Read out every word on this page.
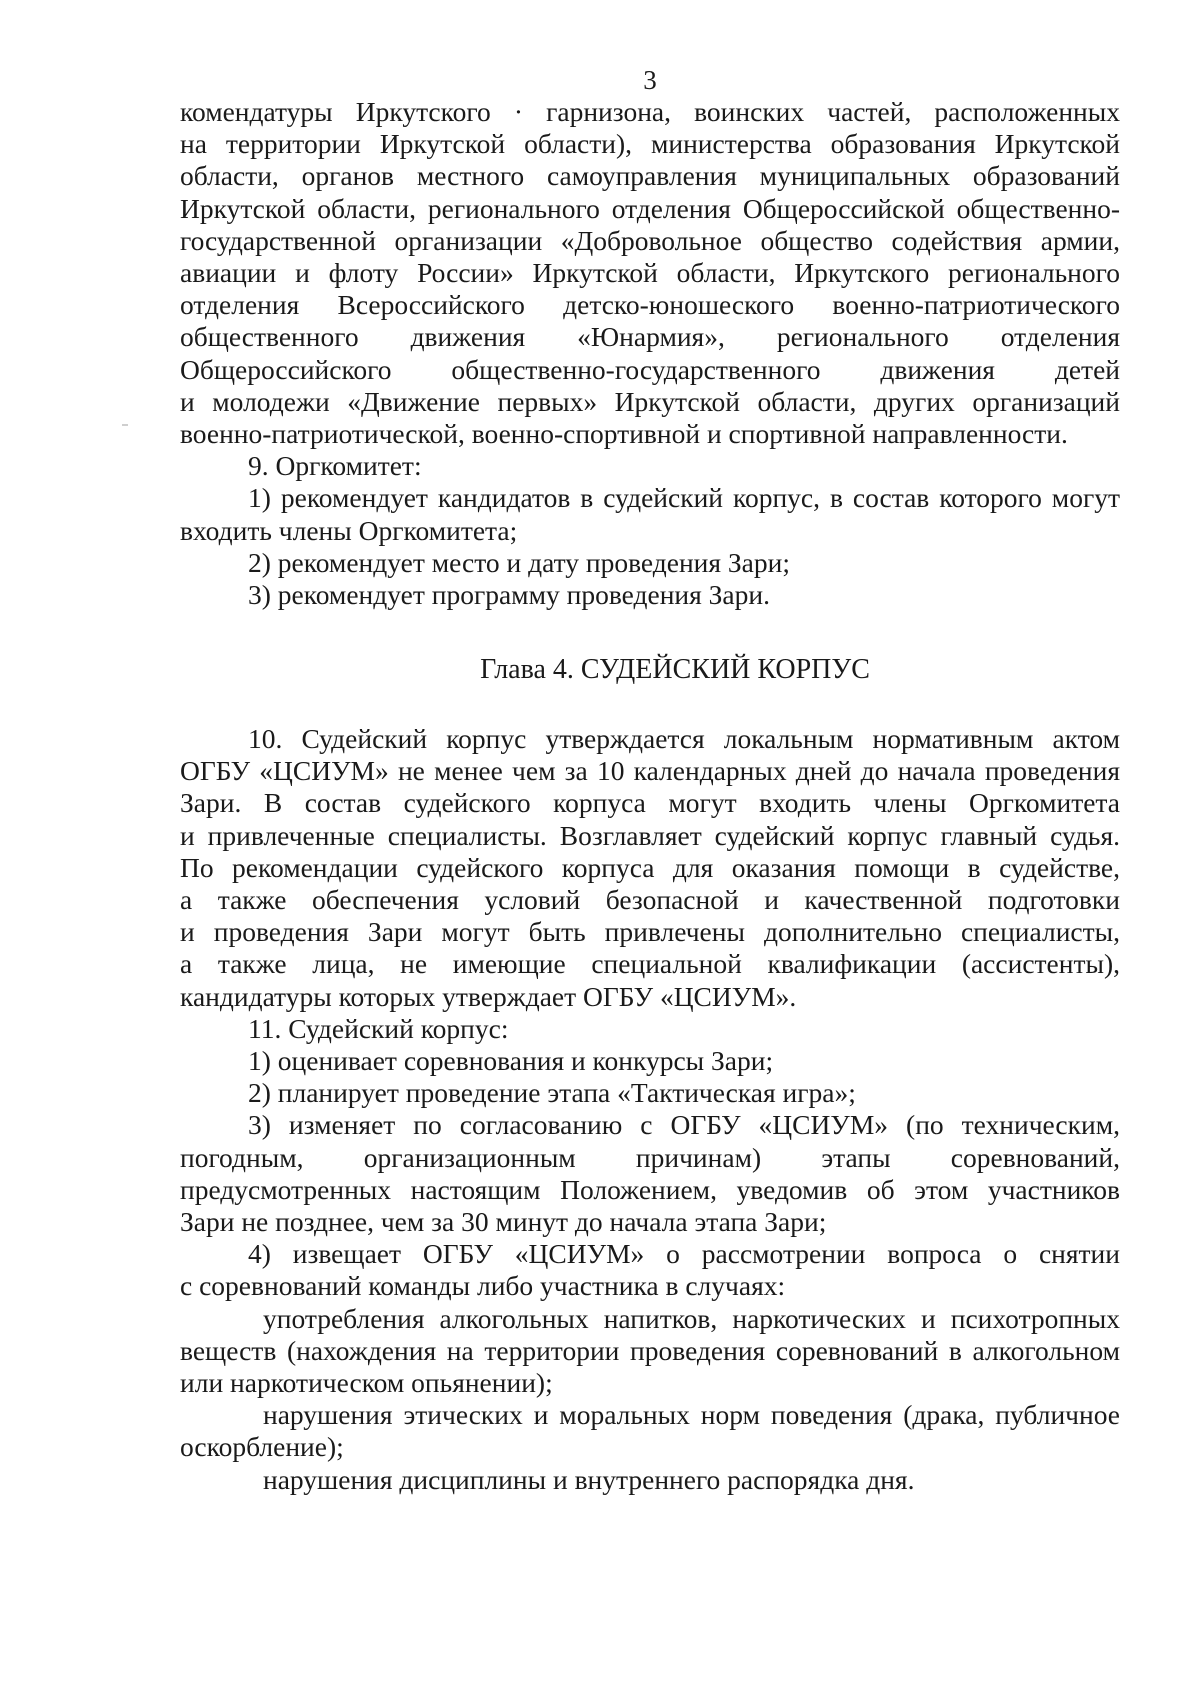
3

комендатуры Иркутского · гарнизона, воинских частей, расположенных

на территории Иркутской области), министерства образования Иркутской

области, органов местного самоуправления муниципальных образований

Иркутской области, регионального отделения Общероссийской общественно-

государственной организации «Добровольное общество содействия армии,

авиации и флоту России» Иркутской области, Иркутского регионального

отделения Всероссийского детско-юношеского военно-патриотического

общественного движения «Юнармия», регионального отделения

Общероссийского общественно-государственного движения детей

и молодежи «Движение первых» Иркутской области, других организаций

военно-патриотической, военно-спортивной и спортивной направленности.

9. Оргкомитет:

1) рекомендует кандидатов в судейский корпус, в состав которого могут

входить члены Оргкомитета;

2) рекомендует место и дату проведения Зари;

3) рекомендует программу проведения Зари.

Глава 4. СУДЕЙСКИЙ КОРПУС

10. Судейский корпус утверждается локальным нормативным актом

ОГБУ «ЦСИУМ» не менее чем за 10 календарных дней до начала проведения

Зари. В состав судейского корпуса могут входить члены Оргкомитета

и привлеченные специалисты. Возглавляет судейский корпус главный судья.

По рекомендации судейского корпуса для оказания помощи в судействе,

а также обеспечения условий безопасной и качественной подготовки

и проведения Зари могут быть привлечены дополнительно специалисты,

а также лица, не имеющие специальной квалификации (ассистенты),

кандидатуры которых утверждает ОГБУ «ЦСИУМ».

11. Судейский корпус:

1) оценивает соревнования и конкурсы Зари;

2) планирует проведение этапа «Тактическая игра»;

3) изменяет по согласованию с ОГБУ «ЦСИУМ» (по техническим,

погодным, организационным причинам) этапы соревнований,

предусмотренных настоящим Положением, уведомив об этом участников

Зари не позднее, чем за 30 минут до начала этапа Зари;

4) извещает ОГБУ «ЦСИУМ» о рассмотрении вопроса о снятии

с соревнований команды либо участника в случаях:

употребления алкогольных напитков, наркотических и психотропных

веществ (нахождения на территории проведения соревнований в алкогольном

или наркотическом опьянении);

нарушения этических и моральных норм поведения (драка, публичное

оскорбление);

нарушения дисциплины и внутреннего распорядка дня.
